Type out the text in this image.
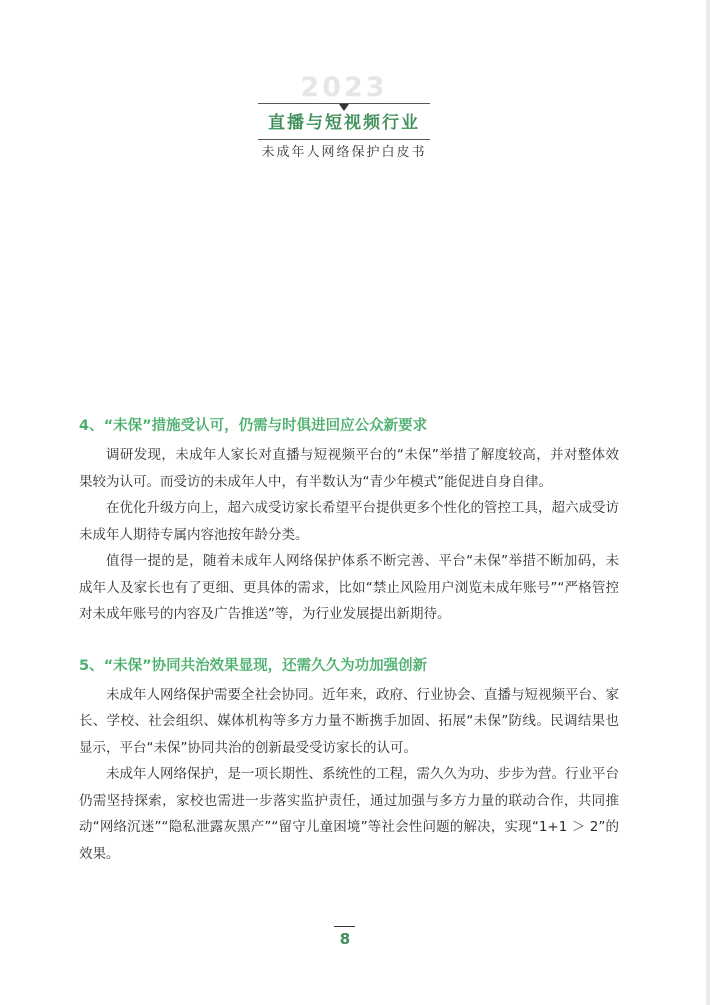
2023
直播与短视频行业
未成年人网络保护白皮书
4、“未保”措施受认可，仍需与时俱进回应公众新要求
调研发现，未成年人家长对直播与短视频平台的“未保”举措了解度较高，并对整体效果较为认可。而受访的未成年人中，有半数认为“青少年模式”能促进自身自律。
在优化升级方向上，超六成受访家长希望平台提供更多个性化的管控工具，超六成受访未成年人期待专属内容池按年龄分类。
值得一提的是，随着未成年人网络保护体系不断完善、平台“未保”举措不断加码，未成年人及家长也有了更细、更具体的需求，比如“禁止风险用户浏览未成年账号”“严格管控对未成年账号的内容及广告推送”等，为行业发展提出新期待。
5、“未保”协同共治效果显现，还需久久为功加强创新
未成年人网络保护需要全社会协同。近年来，政府、行业协会、直播与短视频平台、家长、学校、社会组织、媒体机构等多方力量不断携手加固、拓展“未保”防线。民调结果也显示，平台“未保”协同共治的创新最受受访家长的认可。
未成年人网络保护，是一项长期性、系统性的工程，需久久为功、步步为营。行业平台仍需坚持探索，家校也需进一步落实监护责任，通过加强与多方力量的联动合作，共同推动“网络沉迷”“隐私泄露灰黑产”“留守儿童困境”等社会性问题的解决，实现“1+1 ＞ 2”的效果。
8
